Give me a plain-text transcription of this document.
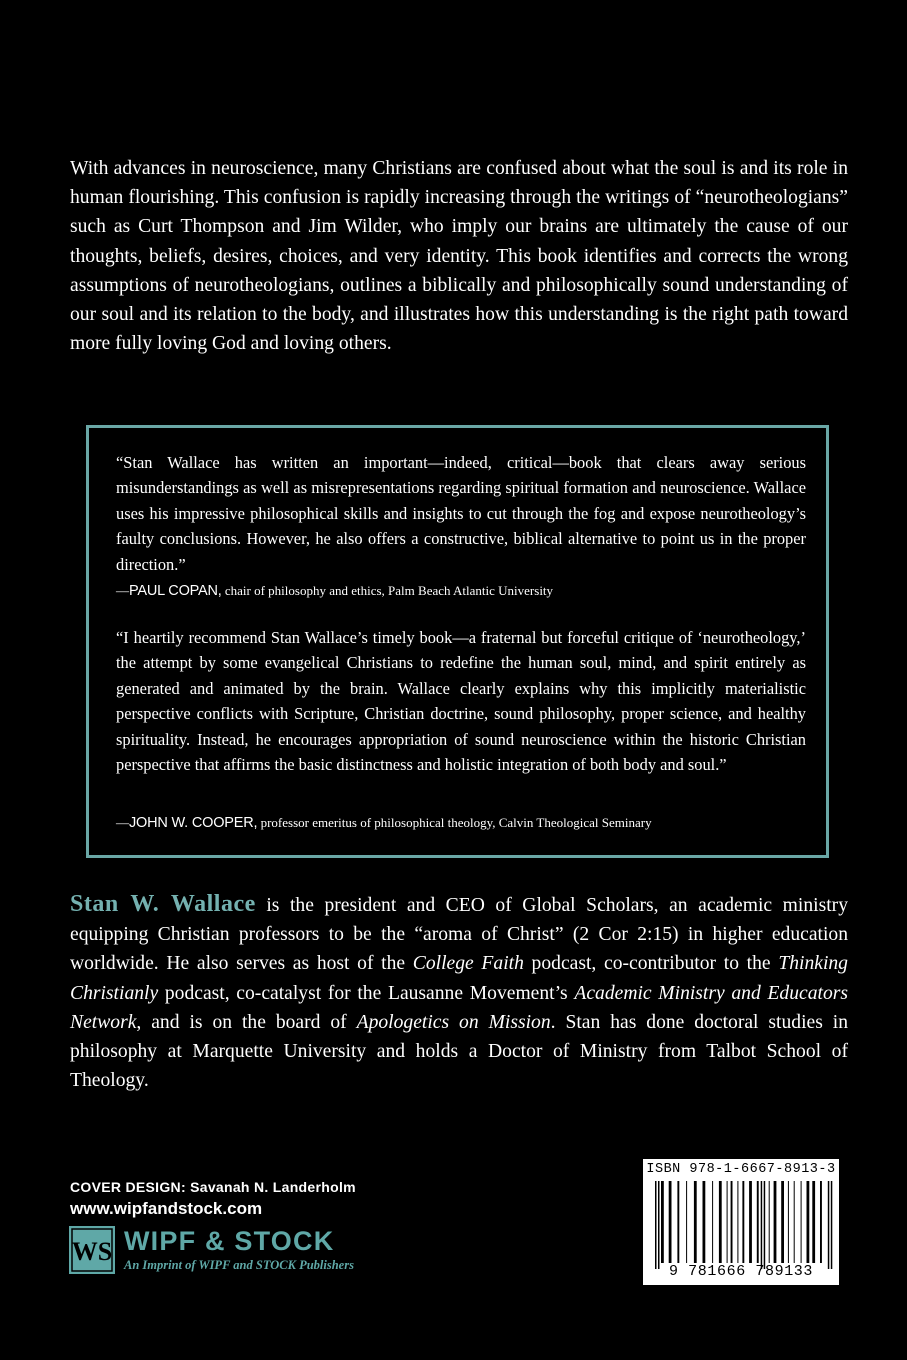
With advances in neuroscience, many Christians are confused about what the soul is and its role in human flourishing. This confusion is rapidly increasing through the writings of “neurotheologians” such as Curt Thompson and Jim Wilder, who imply our brains are ultimately the cause of our thoughts, beliefs, desires, choices, and very identity. This book identifies and corrects the wrong assumptions of neurotheologians, outlines a biblically and philosophically sound understanding of our soul and its relation to the body, and illustrates how this understanding is the right path toward more fully loving God and loving others.

“Stan Wallace has written an important—indeed, critical—book that clears away serious misunderstandings as well as misrepresentations regarding spiritual formation and neuroscience. Wallace uses his impressive philosophical skills and insights to cut through the fog and expose neurotheology’s faulty conclusions. However, he also offers a constructive, biblical alternative to point us in the proper direction.”

—PAUL COPAN, chair of philosophy and ethics, Palm Beach Atlantic University

“I heartily recommend Stan Wallace’s timely book—a fraternal but forceful critique of ‘neurotheology,’ the attempt by some evangelical Christians to redefine the human soul, mind, and spirit entirely as generated and animated by the brain. Wallace clearly explains why this implicitly materialistic perspective conflicts with Scripture, Christian doctrine, sound philosophy, proper science, and healthy spirituality. Instead, he encourages appropriation of sound neuroscience within the historic Christian perspective that affirms the basic distinctness and holistic integration of both body and soul.”

—JOHN W. COOPER, professor emeritus of philosophical theology, Calvin Theological Seminary

Stan W. Wallace is the president and CEO of Global Scholars, an academic ministry equipping Christian professors to be the “aroma of Christ” (2 Cor 2:15) in higher education worldwide. He also serves as host of the College Faith podcast, co-contributor to the Thinking Christianly podcast, co-catalyst for the Lausanne Movement’s Academic Ministry and Educators Network, and is on the board of Apologetics on Mission. Stan has done doctoral studies in philosophy at Marquette University and holds a Doctor of Ministry from Talbot School of Theology.

COVER DESIGN: Savanah N. Landerholm
www.wipfandstock.com
WS WIPF & STOCK
An Imprint of WIPF and STOCK Publishers
ISBN 978-1-6667-8913-3
9 781666 789133
